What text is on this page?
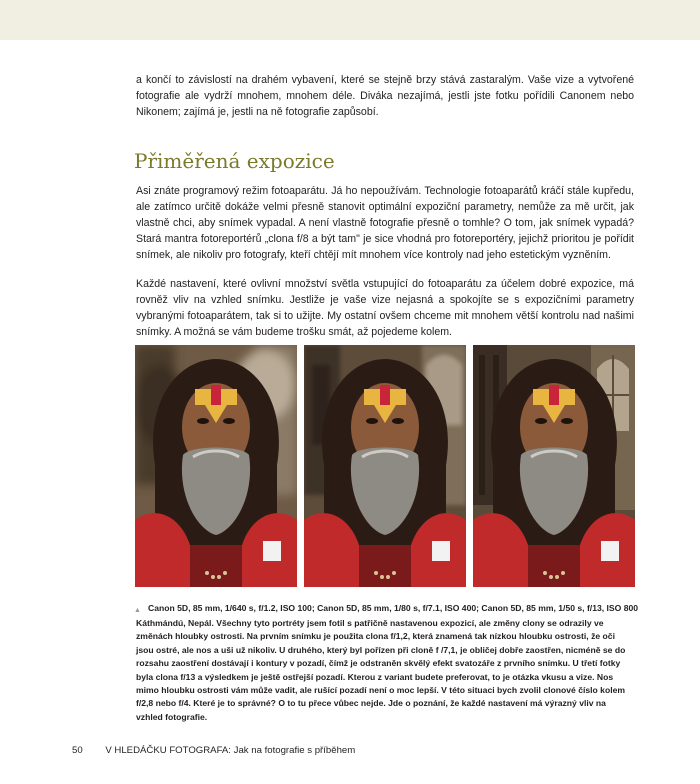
a končí to závislostí na drahém vybavení, které se stejně brzy stává zastaralým. Vaše vize a vytvořené fotografie ale vydrží mnohem, mnohem déle. Diváka nezajímá, jestli jste fotku pořídili Canonem nebo Nikonem; zajímá je, jestli na ně fotografie zapůsobí.

Přiměřená expozice

Asi znáte programový režim fotoaparátu. Já ho nepoužívám. Technologie fotoaparátů kráčí stále kupředu, ale zatímco určitě dokáže velmi přesně stanovit optimální expoziční parametry, nemůže za mě určit, jak vlastně chci, aby snímek vypadal. A není vlastně fotografie přesně o tomhle? O tom, jak snímek vypadá? Stará mantra fotoreportérů „clona f/8 a být tam" je sice vhodná pro fotoreportéry, jejichž prioritou je pořídit snímek, ale nikoliv pro fotografy, kteří chtějí mít mnohem více kontroly nad jeho estetickým vyzněním.

Každé nastavení, které ovlivní množství světla vstupující do fotoaparátu za účelem dobré expozice, má rovněž vliv na vzhled snímku. Jestliže je vaše vize nejasná a spokojíte se s expozičními parametry vybranými fotoaparátem, tak si to užijte. My ostatní ovšem chceme mit mnohem větší kontrolu nad našimi snímky. A možná se vám budeme trošku smát, až pojedeme kolem.

▲ Canon 5D, 85 mm, 1/640 s, f/1.2, ISO 100; Canon 5D, 85 mm, 1/80 s, f/7.1, ISO 400; Canon 5D, 85 mm, 1/50 s, f/13, ISO 800

Káthmándú, Nepál. Všechny tyto portréty jsem fotil s patřičně nastavenou expozicí, ale změny clony se odrazily ve změnách hloubky ostrosti. Na prvním snímku je použita clona f/1,2, která znamená tak nízkou hloubku ostrosti, že oči jsou ostré, ale nos a uši už nikoliv. U druhého, který byl pořízen při cloně f /7,1, je obličej dobře zaostřen, nicméně se do rozsahu zaostření dostávají i kontury v pozadí, čímž je odstraněn skvělý efekt svatozáře z prvního snímku. U třetí fotky byla clona f/13 a výsledkem je ještě ostřejší pozadí. Kterou z variant budete preferovat, to je otázka vkusu a vize. Nos mimo hloubku ostrosti vám může vadit, ale rušící pozadí není o moc lepší. V této situaci bych zvolil clonové číslo kolem f/2,8 nebo f/4. Které je to správné? O to tu přece vůbec nejde. Jde o poznání, že každé nastavení má výrazný vliv na vzhled fotografie.

50 V HLEDÁČKU FOTOGRAFA: Jak na fotografie s příběhem
